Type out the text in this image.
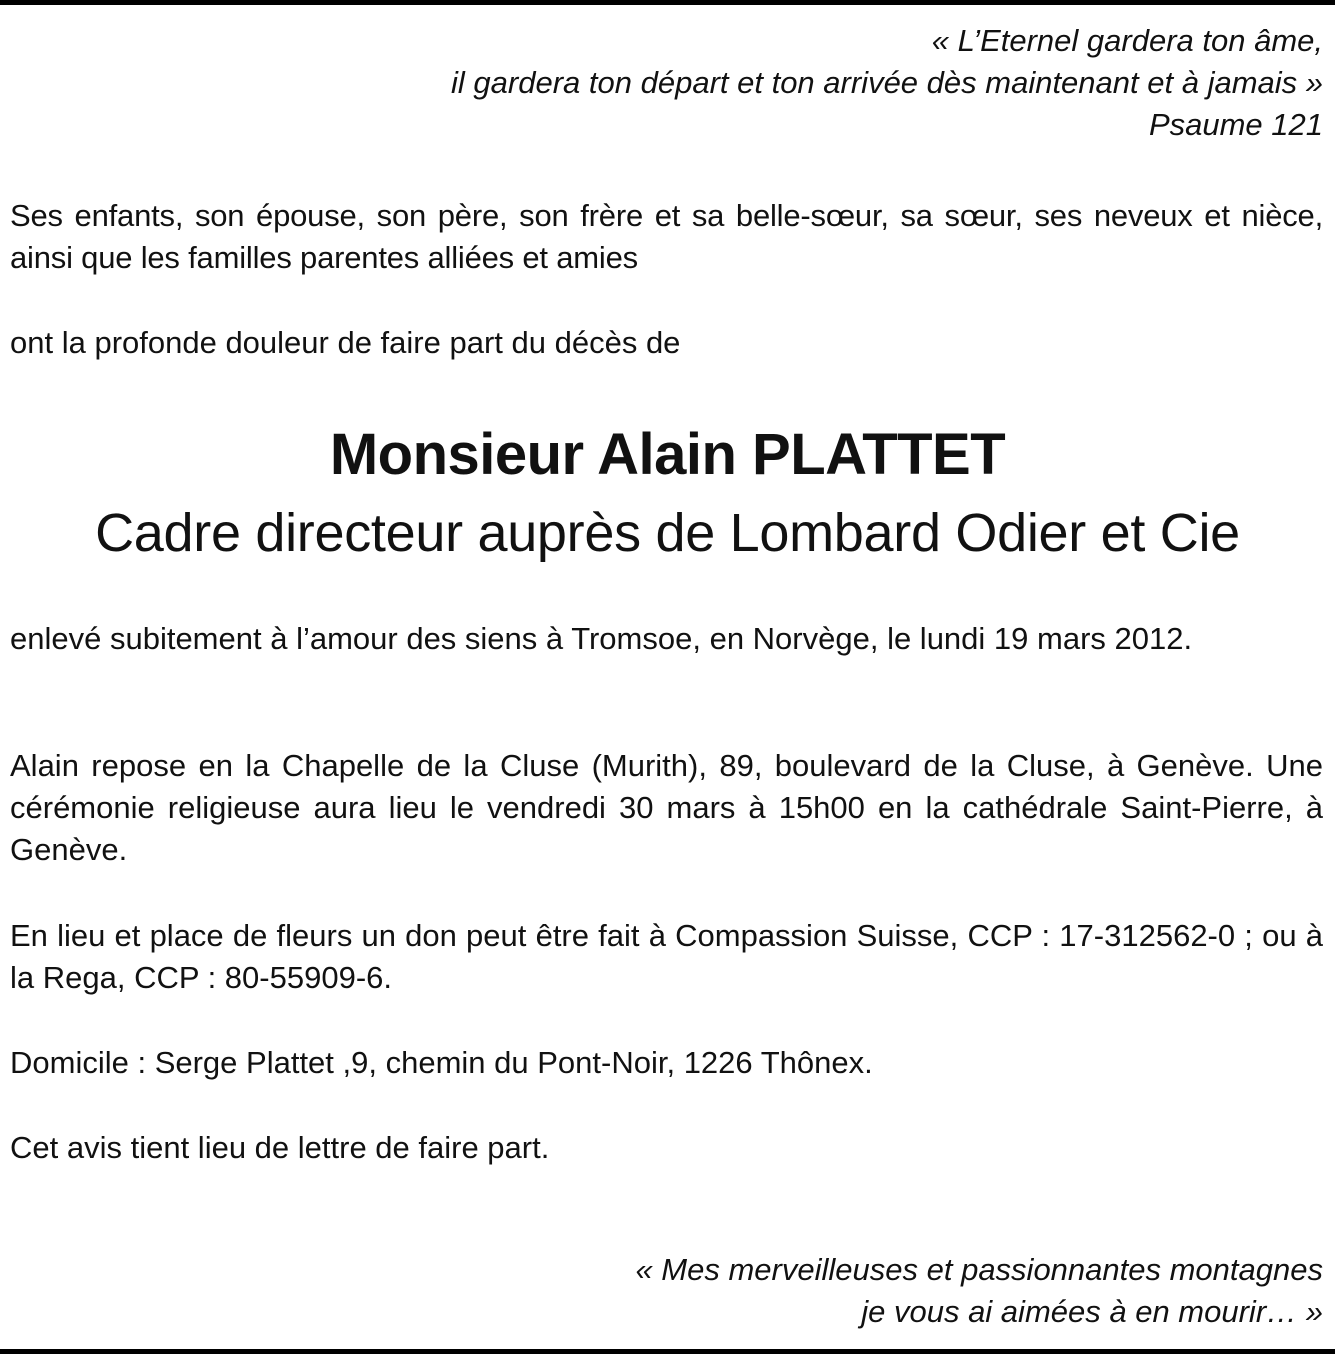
« L’Eternel gardera ton âme,
il gardera ton départ et ton arrivée dès maintenant et à jamais »
Psaume 121

Ses enfants, son épouse, son père, son frère et sa belle-sœur, sa sœur, ses neveux et nièce, ainsi que les familles parentes alliées et amies

ont la profonde douleur de faire part du décès de

Monsieur Alain PLATTET
Cadre directeur auprès de Lombard Odier et Cie

enlevé subitement à l’amour des siens à Tromsoe, en Norvège, le lundi 19 mars 2012.

Alain repose en la Chapelle de la Cluse (Murith), 89, boulevard de la Cluse, à Genève. Une cérémonie religieuse aura lieu le vendredi 30 mars à 15h00 en la cathédrale Saint-Pierre, à Genève.

En lieu et place de fleurs un don peut être fait à Compassion Suisse, CCP : 17-312562-0 ; ou à la Rega, CCP : 80-55909-6.

Domicile : Serge Plattet ,9, chemin du Pont-Noir, 1226 Thônex.

Cet avis tient lieu de lettre de faire part.

« Mes merveilleuses et passionnantes montagnes
je vous ai aimées à en mourir… »
